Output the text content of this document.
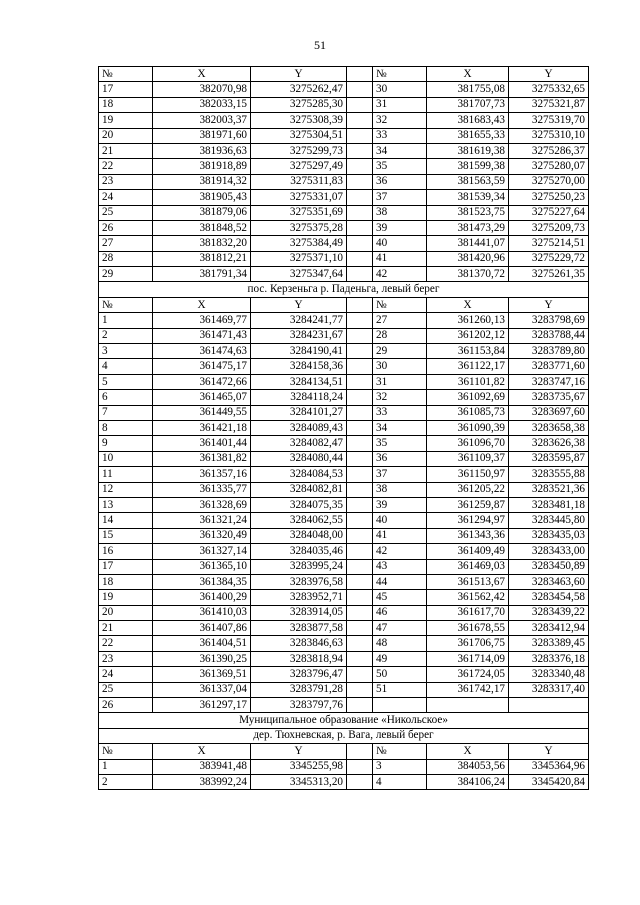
51
№	X	Y		№	X	Y
17	382070,98	3275262,47		30	381755,08	3275332,65
18	382033,15	3275285,30		31	381707,73	3275321,87
19	382003,37	3275308,39		32	381683,43	3275319,70
20	381971,60	3275304,51		33	381655,33	3275310,10
21	381936,63	3275299,73		34	381619,38	3275286,37
22	381918,89	3275297,49		35	381599,38	3275280,07
23	381914,32	3275311,83		36	381563,59	3275270,00
24	381905,43	3275331,07		37	381539,34	3275250,23
25	381879,06	3275351,69		38	381523,75	3275227,64
26	381848,52	3275375,28		39	381473,29	3275209,73
27	381832,20	3275384,49		40	381441,07	3275214,51
28	381812,21	3275371,10		41	381420,96	3275229,72
29	381791,34	3275347,64		42	381370,72	3275261,35
пос. Керзеньга р. Паденьга, левый берег						
№	X	Y		№	X	Y
1	361469,77	3284241,77		27	361260,13	3283798,69
2	361471,43	3284231,67		28	361202,12	3283788,44
3	361474,63	3284190,41		29	361153,84	3283789,80
4	361475,17	3284158,36		30	361122,17	3283771,60
5	361472,66	3284134,51		31	361101,82	3283747,16
6	361465,07	3284118,24		32	361092,69	3283735,67
7	361449,55	3284101,27		33	361085,73	3283697,60
8	361421,18	3284089,43		34	361090,39	3283658,38
9	361401,44	3284082,47		35	361096,70	3283626,38
10	361381,82	3284080,44		36	361109,37	3283595,87
11	361357,16	3284084,53		37	361150,97	3283555,88
12	361335,77	3284082,81		38	361205,22	3283521,36
13	361328,69	3284075,35		39	361259,87	3283481,18
14	361321,24	3284062,55		40	361294,97	3283445,80
15	361320,49	3284048,00		41	361343,36	3283435,03
16	361327,14	3284035,46		42	361409,49	3283433,00
17	361365,10	3283995,24		43	361469,03	3283450,89
18	361384,35	3283976,58		44	361513,67	3283463,60
19	361400,29	3283952,71		45	361562,42	3283454,58
20	361410,03	3283914,05		46	361617,70	3283439,22
21	361407,86	3283877,58		47	361678,55	3283412,94
22	361404,51	3283846,63		48	361706,75	3283389,45
23	361390,25	3283818,94		49	361714,09	3283376,18
24	361369,51	3283796,47		50	361724,05	3283340,48
25	361337,04	3283791,28		51	361742,17	3283317,40
26	361297,17	3283797,76				
Муниципальное образование «Никольское»						
дер. Тюхневская, р. Вага, левый берег						
№	X	Y		№	X	Y
1	383941,48	3345255,98		3	384053,56	3345364,96
2	383992,24	3345313,20		4	384106,24	3345420,84
